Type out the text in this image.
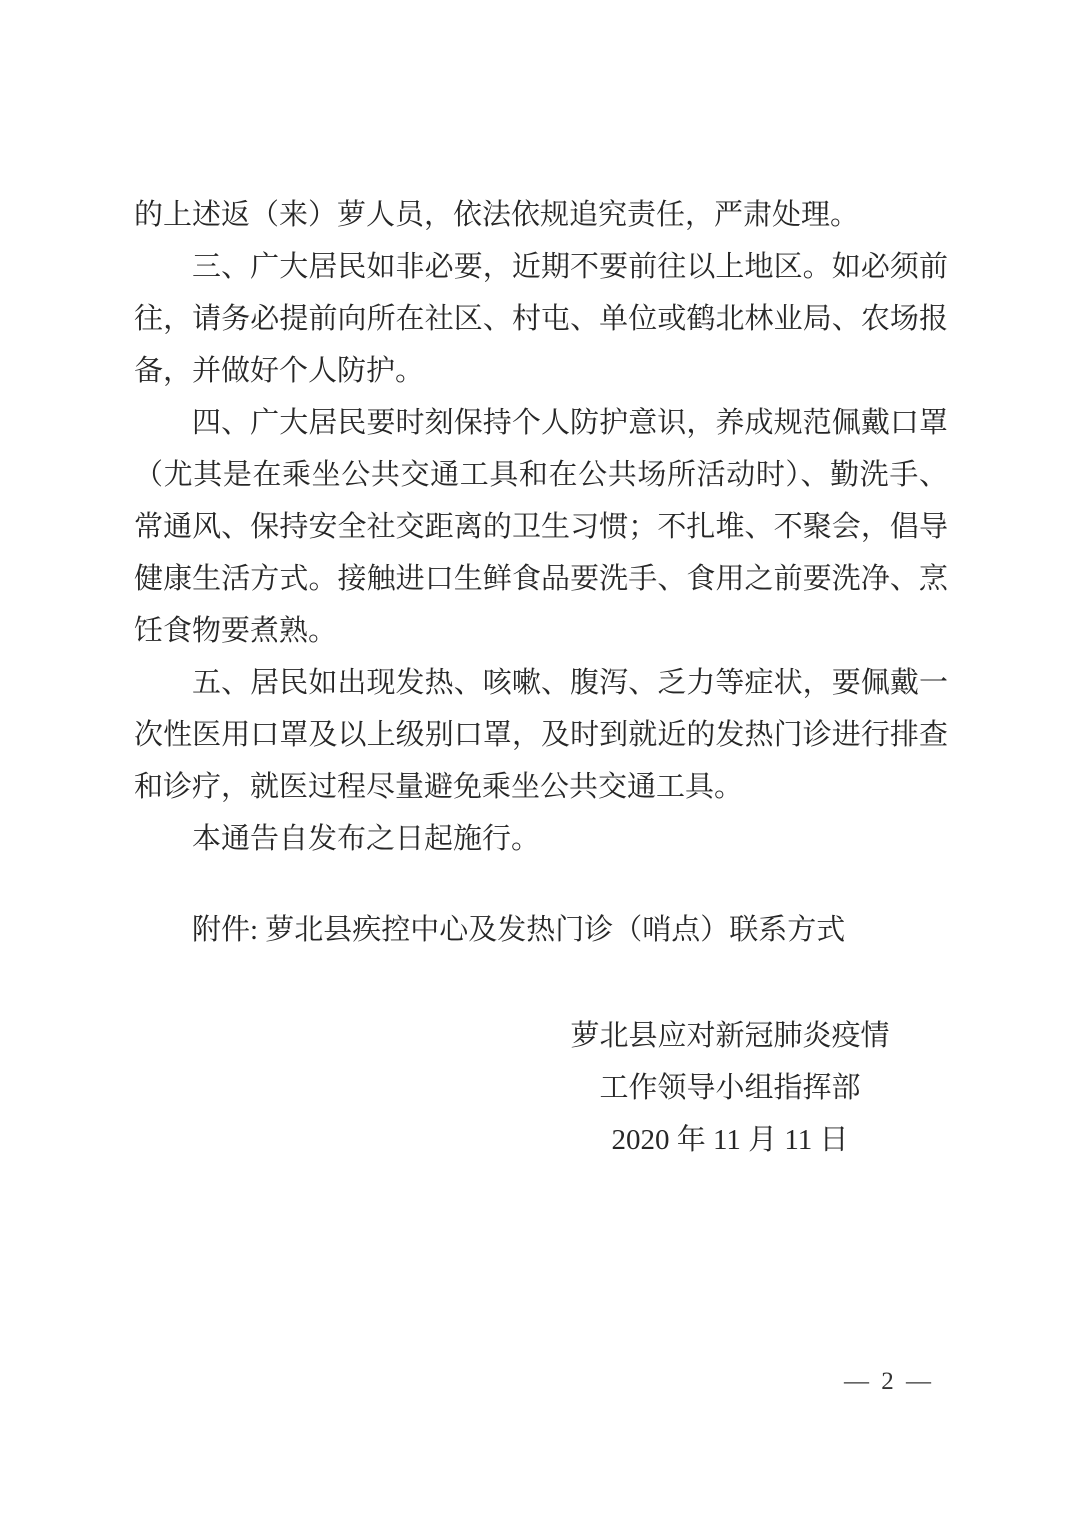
的上述返（来）萝人员，依法依规追究责任，严肃处理。

三、广大居民如非必要，近期不要前往以上地区。如必须前往，请务必提前向所在社区、村屯、单位或鹤北林业局、农场报备，并做好个人防护。

四、广大居民要时刻保持个人防护意识，养成规范佩戴口罩（尤其是在乘坐公共交通工具和在公共场所活动时）、勤洗手、常通风、保持安全社交距离的卫生习惯；不扎堆、不聚会，倡导健康生活方式。接触进口生鲜食品要洗手、食用之前要洗净、烹饪食物要煮熟。

五、居民如出现发热、咳嗽、腹泻、乏力等症状，要佩戴一次性医用口罩及以上级别口罩，及时到就近的发热门诊进行排查和诊疗，就医过程尽量避免乘坐公共交通工具。

本通告自发布之日起施行。

附件: 萝北县疾控中心及发热门诊（哨点）联系方式

萝北县应对新冠肺炎疫情
工作领导小组指挥部
2020 年 11 月 11 日
— 2 —
